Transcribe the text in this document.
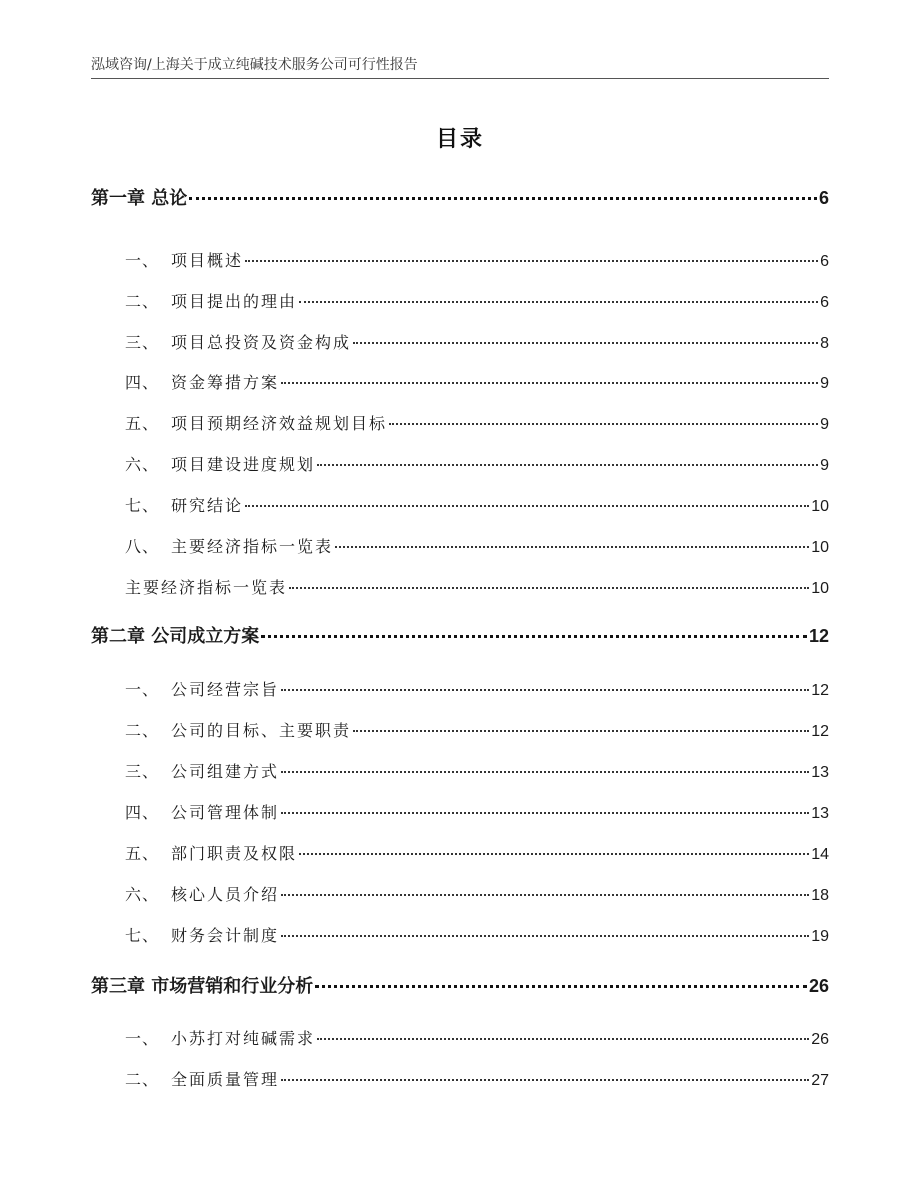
泓域咨询/上海关于成立纯碱技术服务公司可行性报告
目录
第一章 总论	6
一、 项目概述	6
二、 项目提出的理由	6
三、 项目总投资及资金构成	8
四、 资金筹措方案	9
五、 项目预期经济效益规划目标	9
六、 项目建设进度规划	9
七、 研究结论	10
八、 主要经济指标一览表	10
主要经济指标一览表	10
第二章 公司成立方案	12
一、 公司经营宗旨	12
二、 公司的目标、主要职责	12
三、 公司组建方式	13
四、 公司管理体制	13
五、 部门职责及权限	14
六、 核心人员介绍	18
七、 财务会计制度	19
第三章 市场营销和行业分析	26
一、 小苏打对纯碱需求	26
二、 全面质量管理	27
